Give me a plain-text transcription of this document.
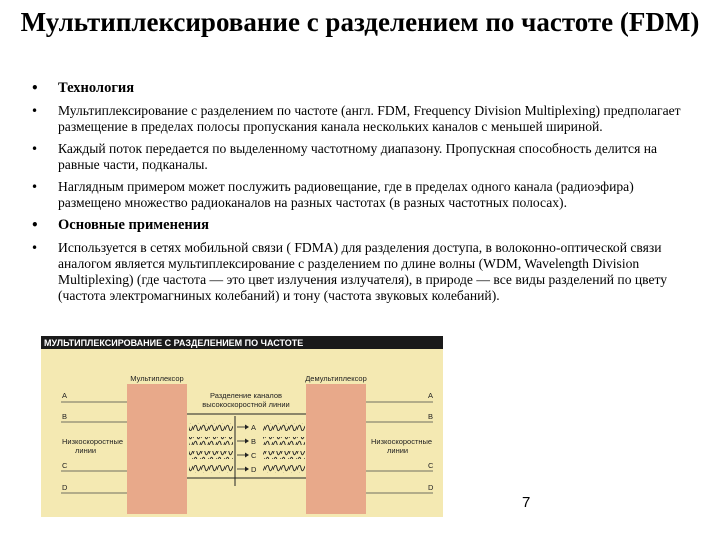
Мультиплексирование с разделением по частоте (FDM)
• Технология
• Мультиплексирование с разделением по частоте (англ. FDM, Frequency Division Multiplexing) предполагает размещение в пределах полосы пропускания канала нескольких каналов с меньшей шириной.
• Каждый поток передается по выделенному частотному диапазону. Пропускная способность делится на равные части, подканалы.
• Наглядным примером может послужить радиовещание, где в пределах одного канала (радиоэфира) размещено множество радиоканалов на разных частотах (в разных частотных полосах).
• Основные применения
• Используется в сетях мобильной связи ( FDMA) для разделения доступа, в волоконно-оптической связи аналогом является мультиплексирование с разделением по длине волны (WDM, Wavelength Division Multiplexing) (где частота — это цвет излучения излучателя), в природе — все виды разделений по цвету (частота электромагниных колебаний) и тону (частота звуковых колебаний).
МУЛЬТИПЛЕКСИРОВАНИЕ С РАЗДЕЛЕНИЕМ ПО ЧАСТОТЕ
Мультиплексор	Демультиплексор
Разделение каналов
высокоскоростной линии
A
B
C
D
Низкоскоростные
линии
A
B
C
D
Низкоскоростные
линии
A
B
C
D
7
